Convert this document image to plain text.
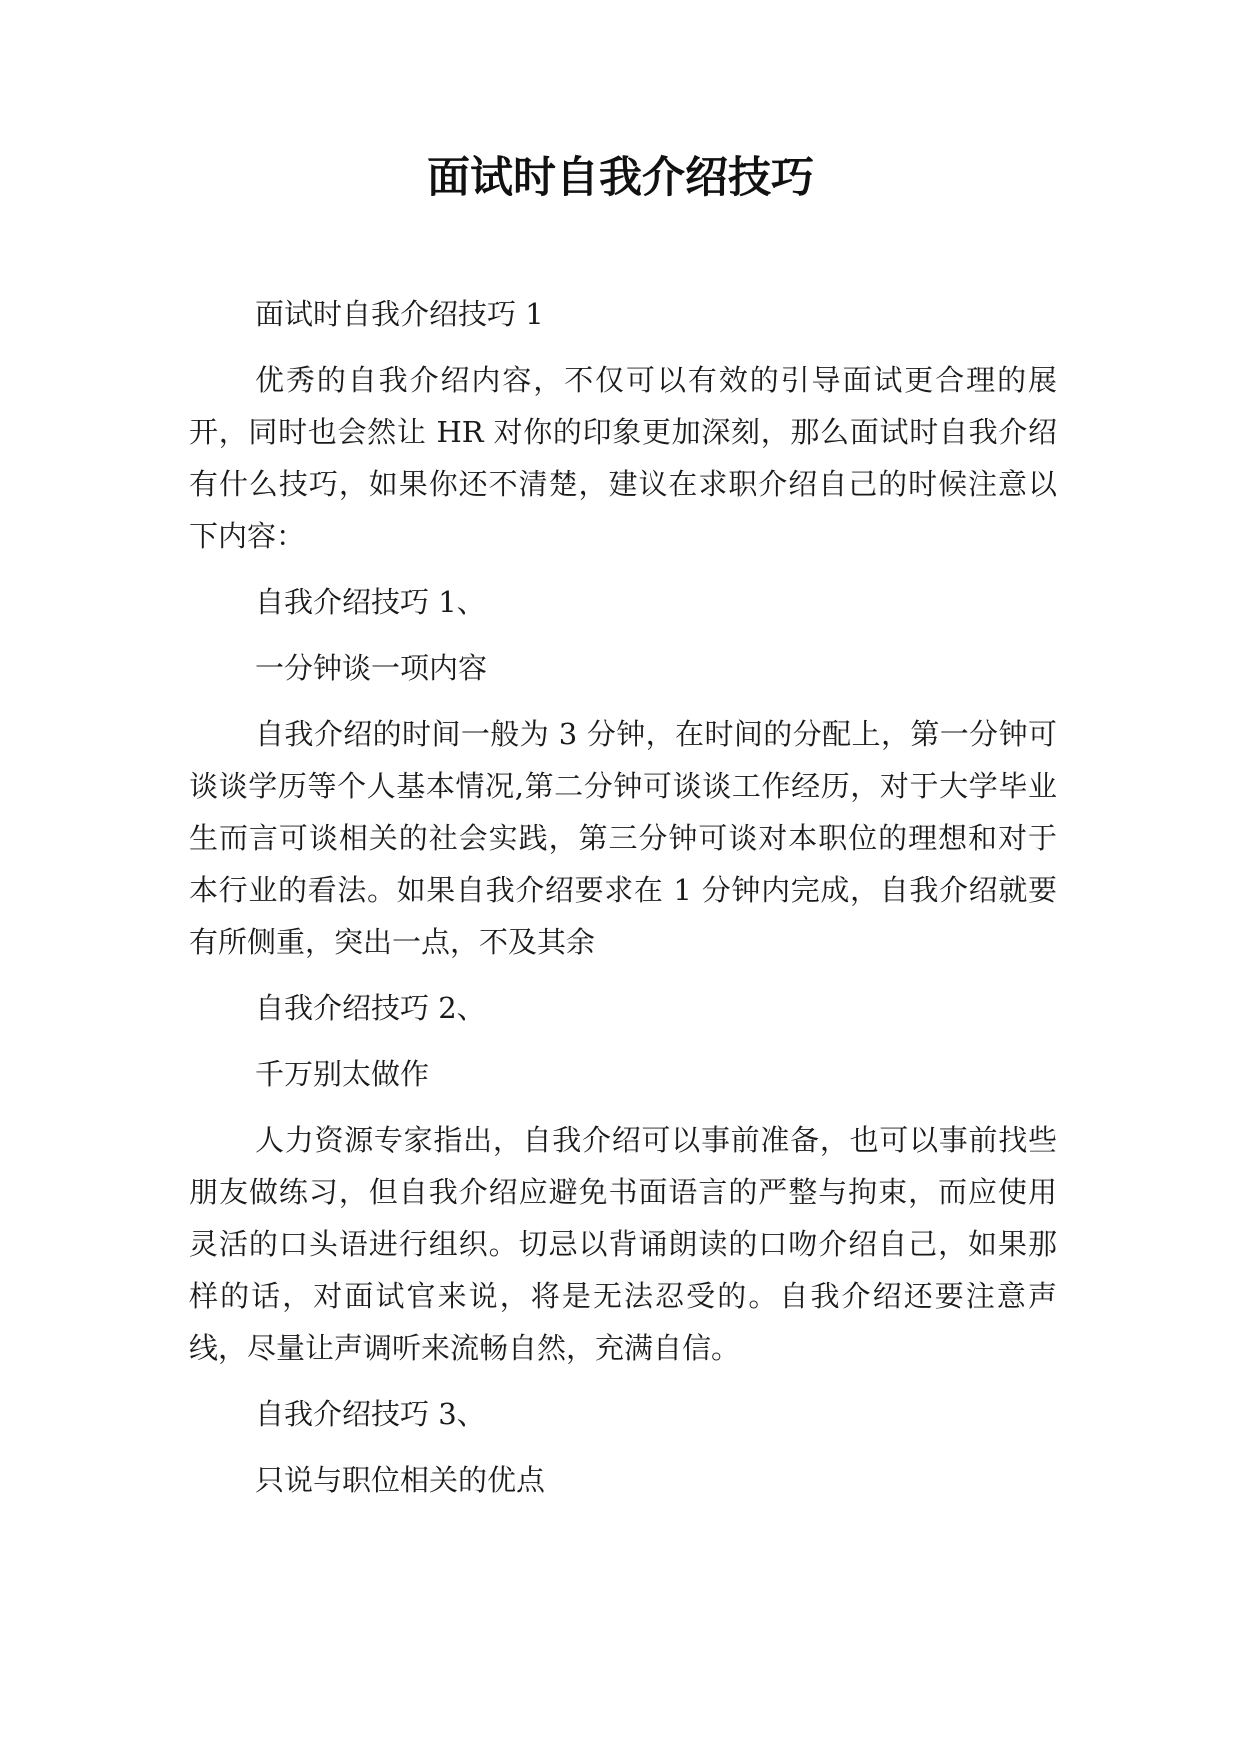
面试时自我介绍技巧

面试时自我介绍技巧 1

优秀的自我介绍内容，不仅可以有效的引导面试更合理的展开，同时也会然让 HR 对你的印象更加深刻，那么面试时自我介绍有什么技巧，如果你还不清楚，建议在求职介绍自己的时候注意以下内容：

自我介绍技巧 1、

一分钟谈一项内容

自我介绍的时间一般为 3 分钟，在时间的分配上，第一分钟可谈谈学历等个人基本情况,第二分钟可谈谈工作经历，对于大学毕业生而言可谈相关的社会实践，第三分钟可谈对本职位的理想和对于本行业的看法。如果自我介绍要求在 1 分钟内完成，自我介绍就要有所侧重，突出一点，不及其余

自我介绍技巧 2、

千万别太做作

人力资源专家指出，自我介绍可以事前准备，也可以事前找些朋友做练习，但自我介绍应避免书面语言的严整与拘束，而应使用灵活的口头语进行组织。切忌以背诵朗读的口吻介绍自己，如果那样的话，对面试官来说，将是无法忍受的。自我介绍还要注意声线，尽量让声调听来流畅自然，充满自信。

自我介绍技巧 3、

只说与职位相关的优点
